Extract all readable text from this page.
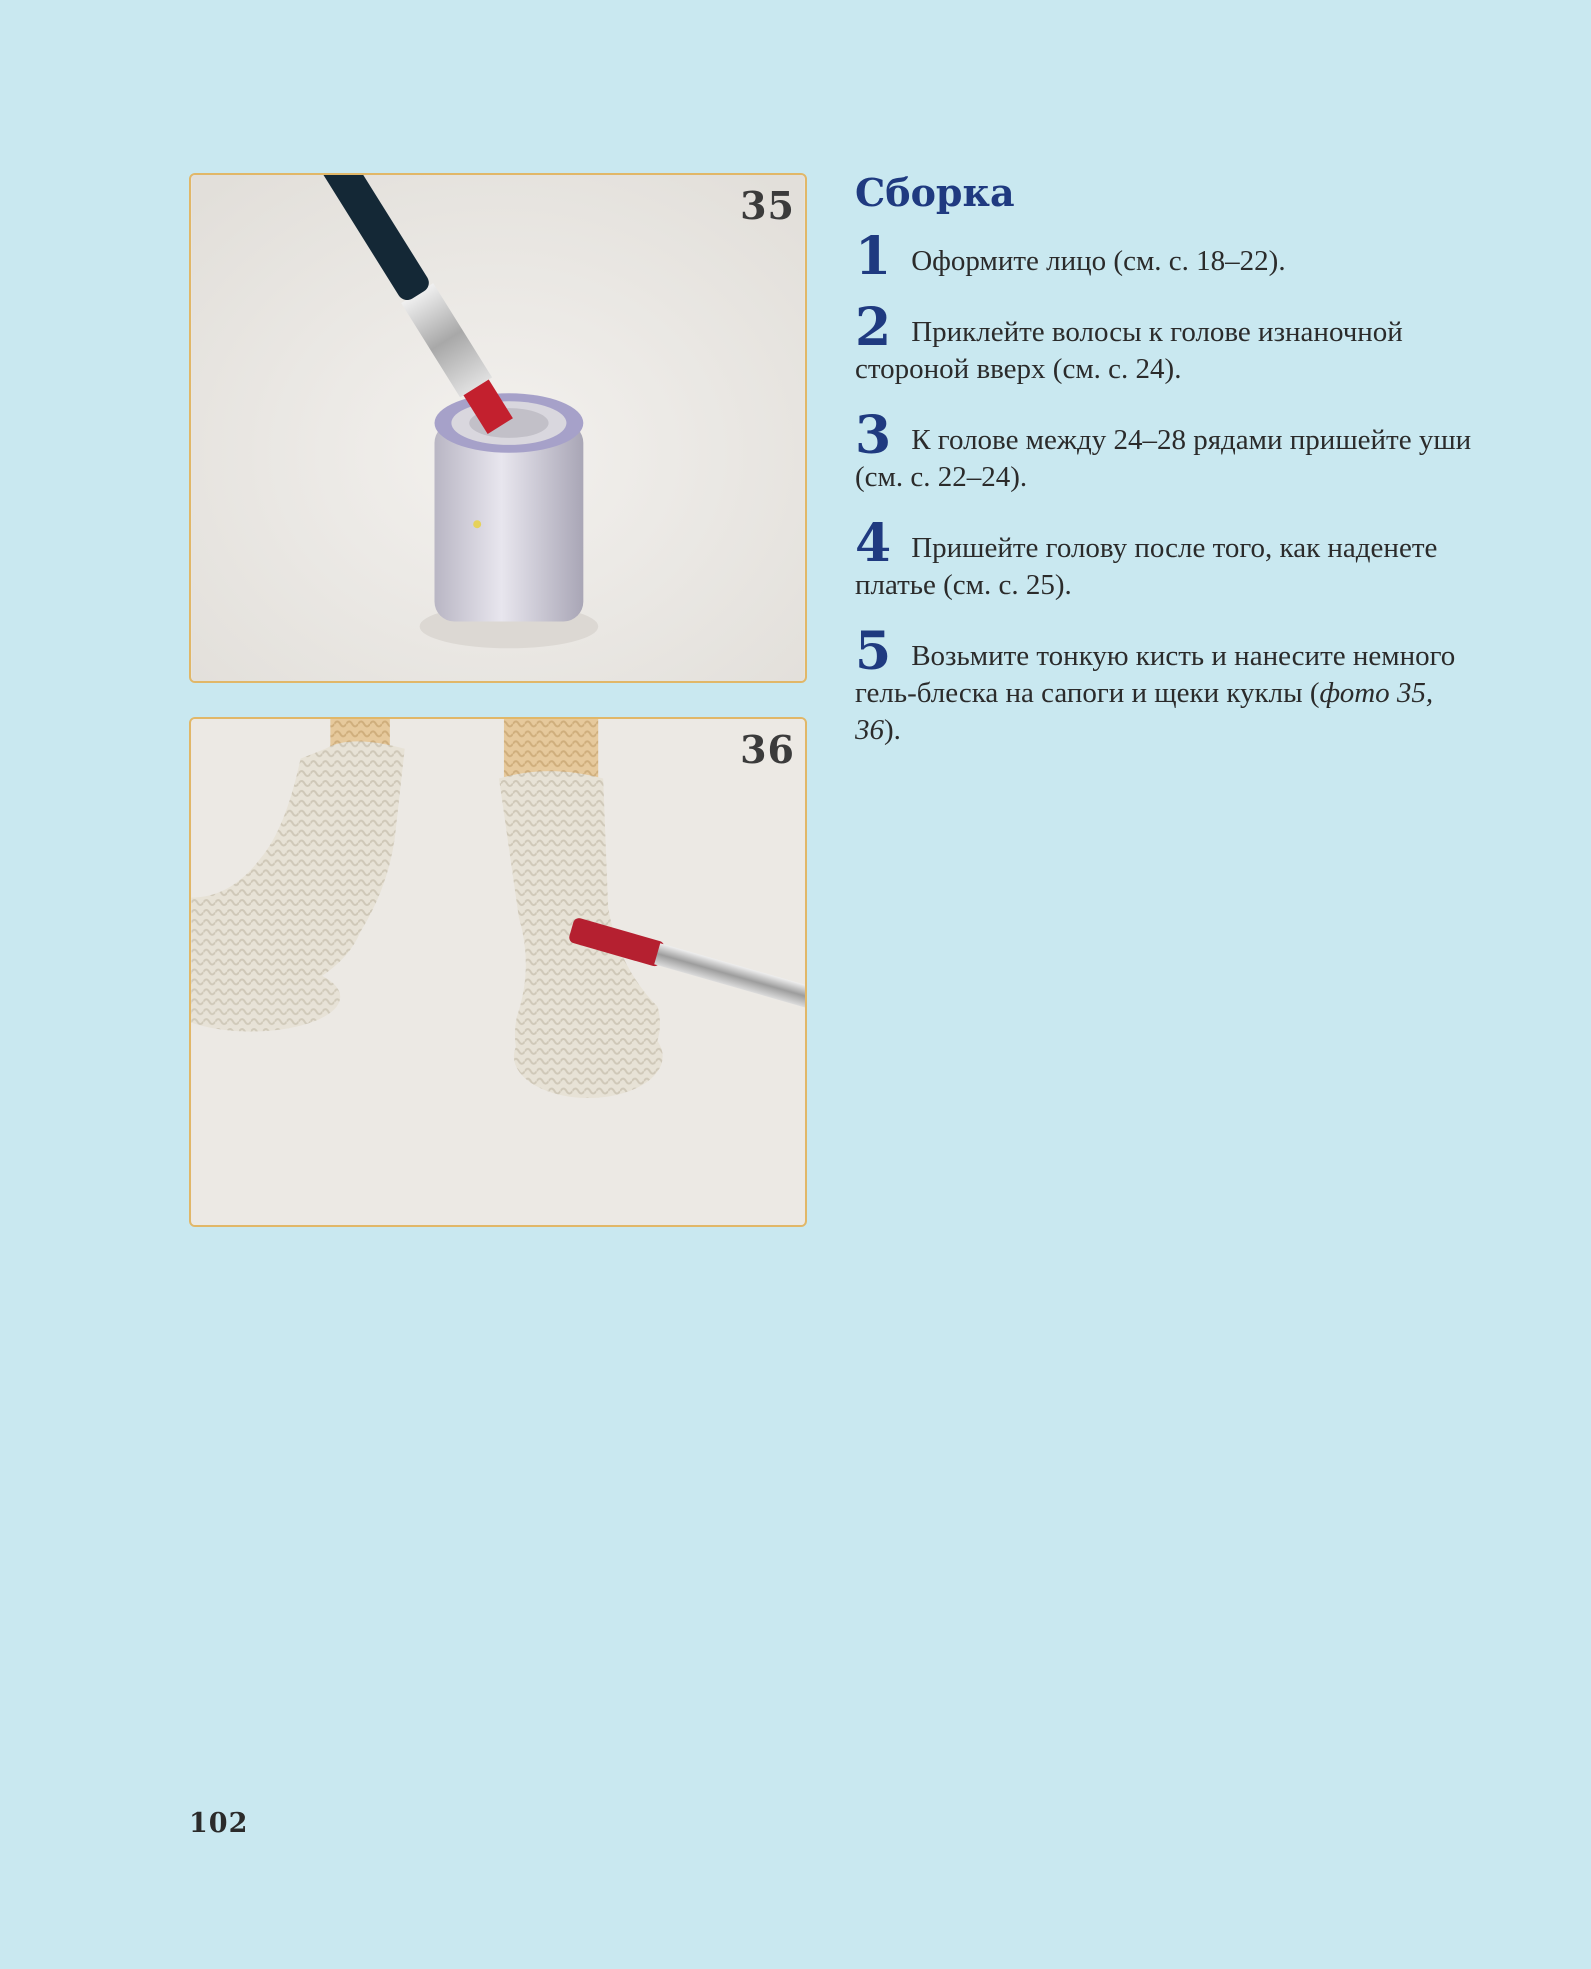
35
36
Сборка
1 Оформите лицо (см. с. 18–22).
2 Приклейте волосы к голове изнаночной стороной вверх (см. с. 24).
3 К голове между 24–28 рядами пришейте уши (см. с. 22–24).
4 Пришейте голову после того, как наденете платье (см. с. 25).
5 Возьмите тонкую кисть и нанесите немного гель-блеска на сапоги и щеки куклы (фото 35, 36).
102
